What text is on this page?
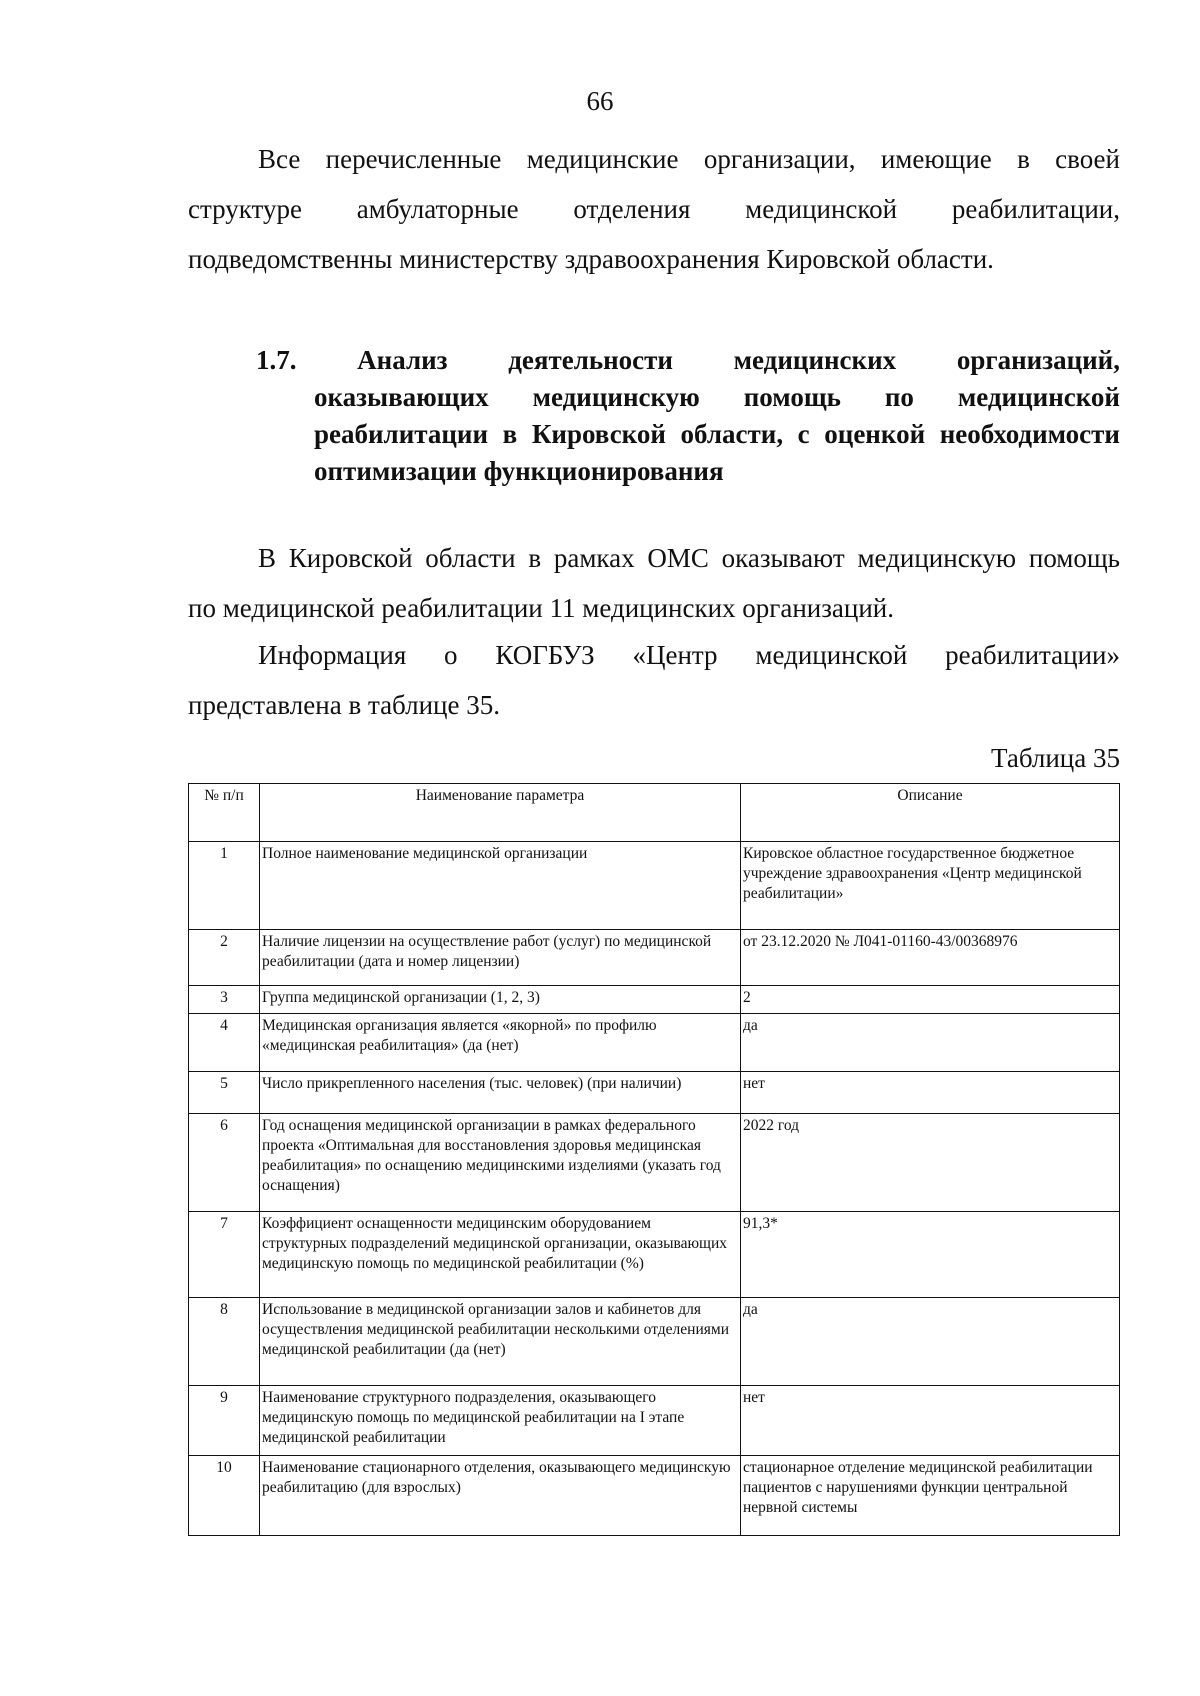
66
Все перечисленные медицинские организации, имеющие в своей
структуре амбулаторные отделения медицинской реабилитации,
подведомственны министерству здравоохранения Кировской области.
1.7. Анализ деятельности медицинских организаций,
оказывающих медицинскую помощь по медицинской
реабилитации в Кировской области, с оценкой необходимости
оптимизации функционирования
В Кировской области в рамках ОМС оказывают медицинскую помощь
по медицинской реабилитации 11 медицинских организаций.
Информация о КОГБУЗ «Центр медицинской реабилитации»
представлена в таблице 35.
Таблица 35
№ п/п	Наименование параметра	Описание
1	Полное наименование медицинской организации	Кировское областное государственное бюджетное учреждение здравоохранения «Центр медицинской реабилитации»
2	Наличие лицензии на осуществление работ (услуг) по медицинской реабилитации (дата и номер лицензии)	от 23.12.2020 № Л041-01160-43/00368976
3	Группа медицинской организации (1, 2, 3)	2
4	Медицинская организация является «якорной» по профилю «медицинская реабилитация» (да (нет)	да
5	Число прикрепленного населения (тыс. человек) (при наличии)	нет
6	Год оснащения медицинской организации в рамках федерального проекта «Оптимальная для восстановления здоровья медицинская реабилитация» по оснащению медицинскими изделиями (указать год оснащения)	2022 год
7	Коэффициент оснащенности медицинским оборудованием структурных подразделений медицинской организации, оказывающих медицинскую помощь по медицинской реабилитации (%)	91,3*
8	Использование в медицинской организации залов и кабинетов для осуществления медицинской реабилитации несколькими отделениями медицинской реабилитации (да (нет)	да
9	Наименование структурного подразделения, оказывающего медицинскую помощь по медицинской реабилитации на I этапе медицинской реабилитации	нет
10	Наименование стационарного отделения, оказывающего медицинскую реабилитацию (для взрослых)	стационарное отделение медицинской реабилитации пациентов с нарушениями функции центральной нервной системы
